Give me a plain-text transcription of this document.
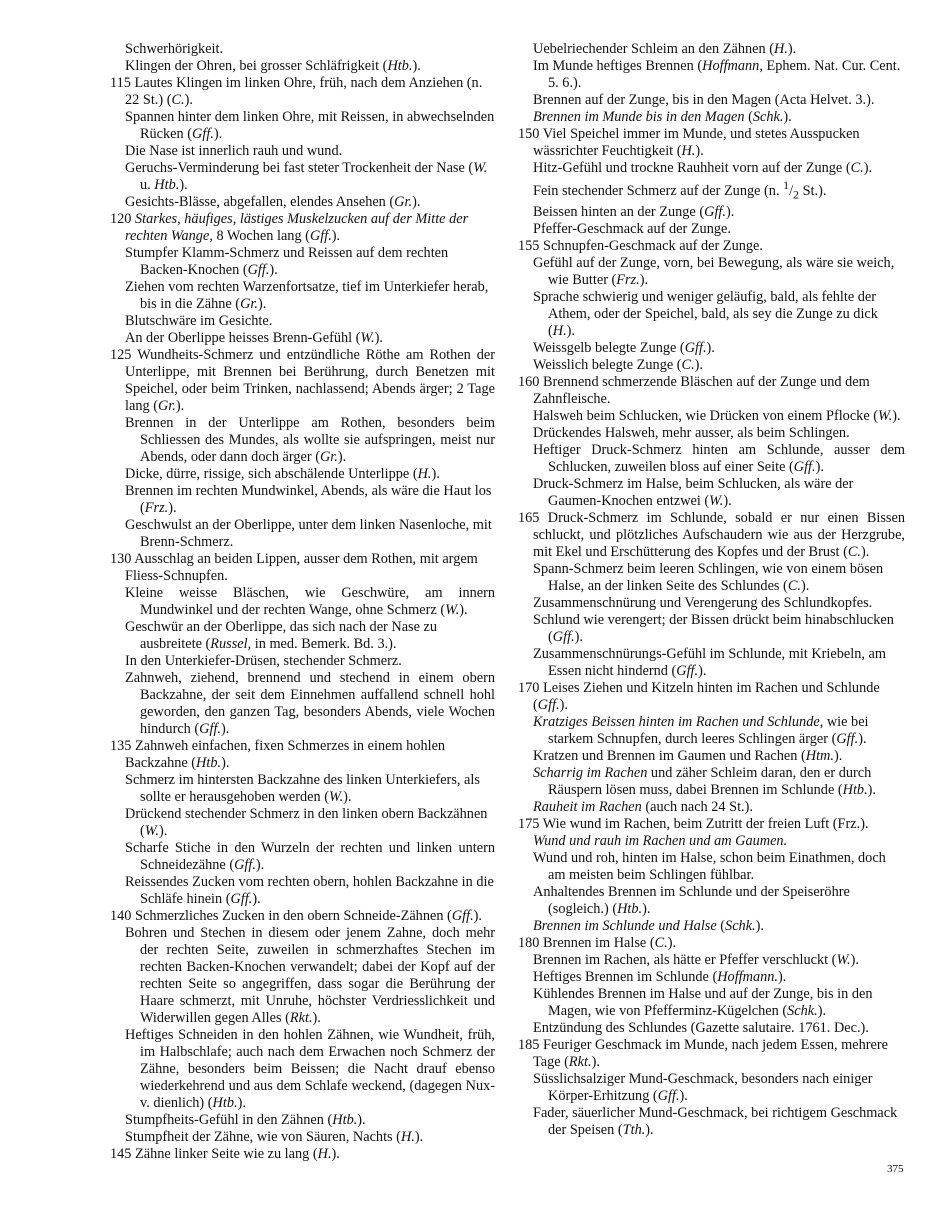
Schwerhörigkeit.
Klingen der Ohren, bei grosser Schläfrigkeit (Htb.).
115 Lautes Klingen im linken Ohre, früh, nach dem Anziehen (n. 22 St.) (C.).
Spannen hinter dem linken Ohre, mit Reissen, in abwechselnden Rücken (Gff.).
Die Nase ist innerlich rauh und wund.
Geruchs-Verminderung bei fast steter Trockenheit der Nase (W. u. Htb.).
Gesichts-Blässe, abgefallen, elendes Ansehen (Gr.).
120 Starkes, häufiges, lästiges Muskelzucken auf der Mitte der rechten Wange, 8 Wochen lang (Gff.).
Stumpfer Klamm-Schmerz und Reissen auf dem rechten Backen-Knochen (Gff.).
Ziehen vom rechten Warzenfortsatze, tief im Unterkiefer herab, bis in die Zähne (Gr.).
Blutschwäre im Gesichte.
An der Oberlippe heisses Brenn-Gefühl (W.).
125 Wundheits-Schmerz und entzündliche Röthe am Rothen der Unterlippe, mit Brennen bei Berührung, durch Benetzen mit Speichel, oder beim Trinken, nachlassend; Abends ärger; 2 Tage lang (Gr.).
Brennen in der Unterlippe am Rothen, besonders beim Schliessen des Mundes, als wollte sie aufspringen, meist nur Abends, oder dann doch ärger (Gr.).
Dicke, dürre, rissige, sich abschälende Unterlippe (H.).
Brennen im rechten Mundwinkel, Abends, als wäre die Haut los (Frz.).
Geschwulst an der Oberlippe, unter dem linken Nasenloche, mit Brenn-Schmerz.
130 Ausschlag an beiden Lippen, ausser dem Rothen, mit argem Fliess-Schnupfen.
Kleine weisse Bläschen, wie Geschwüre, am innern Mundwinkel und der rechten Wange, ohne Schmerz (W.).
Geschwür an der Oberlippe, das sich nach der Nase zu ausbreitete (Russel, in med. Bemerk. Bd. 3.).
In den Unterkiefer-Drüsen, stechender Schmerz.
Zahnweh, ziehend, brennend und stechend in einem obern Backzahne, der seit dem Einnehmen auffallend schnell hohl geworden, den ganzen Tag, besonders Abends, viele Wochen hindurch (Gff.).
135 Zahnweh einfachen, fixen Schmerzes in einem hohlen Backzahne (Htb.).
Schmerz im hintersten Backzahne des linken Unterkiefers, als sollte er herausgehoben werden (W.).
Drückend stechender Schmerz in den linken obern Backzähnen (W.).
Scharfe Stiche in den Wurzeln der rechten und linken untern Schneidezähne (Gff.).
Reissendes Zucken vom rechten obern, hohlen Backzahne in die Schläfe hinein (Gff.).
140 Schmerzliches Zucken in den obern Schneide-Zähnen (Gff.).
Bohren und Stechen in diesem oder jenem Zahne, doch mehr der rechten Seite, zuweilen in schmerzhaftes Stechen im rechten Backen-Knochen verwandelt; dabei der Kopf auf der rechten Seite so angegriffen, dass sogar die Berührung der Haare schmerzt, mit Unruhe, höchster Verdriesslichkeit und Widerwillen gegen Alles (Rkt.).
Heftiges Schneiden in den hohlen Zähnen, wie Wundheit, früh, im Halbschlafe; auch nach dem Erwachen noch Schmerz der Zähne, besonders beim Beissen; die Nacht drauf ebenso wiederkehrend und aus dem Schlafe weckend, (dagegen Nux-v. dienlich) (Htb.).
Stumpfheits-Gefühl in den Zähnen (Htb.).
Stumpfheit der Zähne, wie von Säuren, Nachts (H.).
145 Zähne linker Seite wie zu lang (H.).
Uebelriechender Schleim an den Zähnen (H.).
Im Munde heftiges Brennen (Hoffmann, Ephem. Nat. Cur. Cent. 5. 6.).
Brennen auf der Zunge, bis in den Magen (Acta Helvet. 3.).
Brennen im Munde bis in den Magen (Schk.).
150 Viel Speichel immer im Munde, und stetes Ausspucken wässrichter Feuchtigkeit (H.).
Hitz-Gefühl und trockne Rauhheit vorn auf der Zunge (C.).
Fein stechender Schmerz auf der Zunge (n. $^1/_2$ St.).
Beissen hinten an der Zunge (Gff.).
Pfeffer-Geschmack auf der Zunge.
155 Schnupfen-Geschmack auf der Zunge.
Gefühl auf der Zunge, vorn, bei Bewegung, als wäre sie weich, wie Butter (Frz.).
Sprache schwierig und weniger geläufig, bald, als fehlte der Athem, oder der Speichel, bald, als sey die Zunge zu dick (H.).
Weissgelb belegte Zunge (Gff.).
Weisslich belegte Zunge (C.).
160 Brennend schmerzende Bläschen auf der Zunge und dem Zahnfleische.
Halsweh beim Schlucken, wie Drücken von einem Pflocke (W.).
Drückendes Halsweh, mehr ausser, als beim Schlingen.
Heftiger Druck-Schmerz hinten am Schlunde, ausser dem Schlucken, zuweilen bloss auf einer Seite (Gff.).
Druck-Schmerz im Halse, beim Schlucken, als wäre der Gaumen-Knochen entzwei (W.).
165 Druck-Schmerz im Schlunde, sobald er nur einen Bissen schluckt, und plötzliches Aufschaudern wie aus der Herzgrube, mit Ekel und Erschütterung des Kopfes und der Brust (C.).
Spann-Schmerz beim leeren Schlingen, wie von einem bösen Halse, an der linken Seite des Schlundes (C.).
Zusammenschnürung und Verengerung des Schlundkopfes.
Schlund wie verengert; der Bissen drückt beim hinabschlucken (Gff.).
Zusammenschnürungs-Gefühl im Schlunde, mit Kriebeln, am Essen nicht hindernd (Gff.).
170 Leises Ziehen und Kitzeln hinten im Rachen und Schlunde (Gff.).
Kratziges Beissen hinten im Rachen und Schlunde, wie bei starkem Schnupfen, durch leeres Schlingen ärger (Gff.).
Kratzen und Brennen im Gaumen und Rachen (Htm.).
Scharrig im Rachen und zäher Schleim daran, den er durch Räuspern lösen muss, dabei Brennen im Schlunde (Htb.).
Rauheit im Rachen (auch nach 24 St.).
175 Wie wund im Rachen, beim Zutritt der freien Luft (Frz.).
Wund und rauh im Rachen und am Gaumen.
Wund und roh, hinten im Halse, schon beim Einathmen, doch am meisten beim Schlingen fühlbar.
Anhaltendes Brennen im Schlunde und der Speiseröhre (sogleich.) (Htb.).
Brennen im Schlunde und Halse (Schk.).
180 Brennen im Halse (C.).
Brennen im Rachen, als hätte er Pfeffer verschluckt (W.).
Heftiges Brennen im Schlunde (Hoffmann.).
Kühlendes Brennen im Halse und auf der Zunge, bis in den Magen, wie von Pfefferminz-Kügelchen (Schk.).
Entzündung des Schlundes (Gazette salutaire. 1761. Dec.).
185 Feuriger Geschmack im Munde, nach jedem Essen, mehrere Tage (Rkt.).
Süsslichsalziger Mund-Geschmack, besonders nach einiger Körper-Erhitzung (Gff.).
Fader, säuerlicher Mund-Geschmack, bei richtigem Geschmack der Speisen (Tth.).
375
